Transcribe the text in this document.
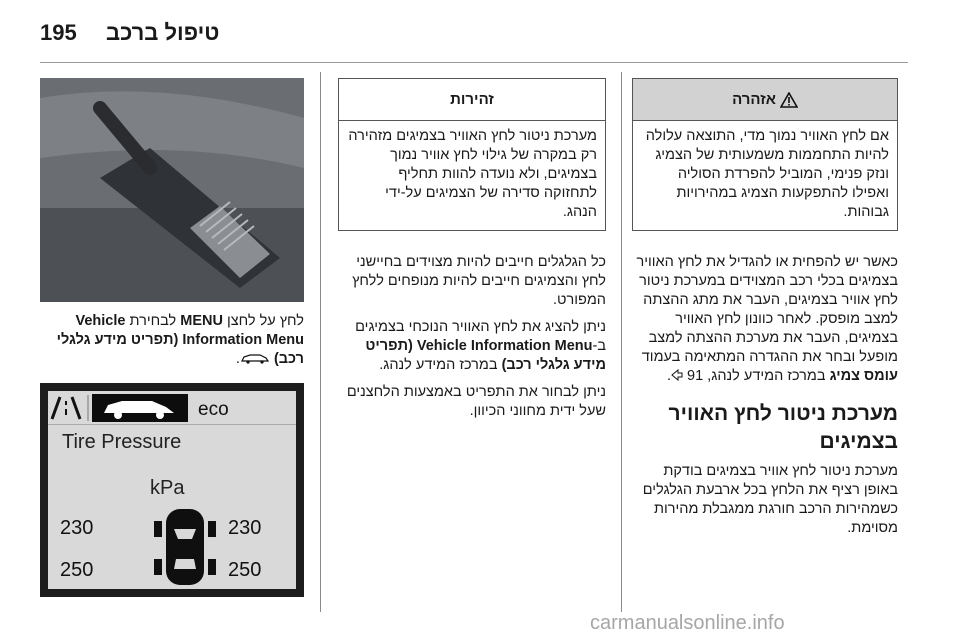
195 טיפול ברכב
אזהרה
אם לחץ האוויר נמוך מדי, התוצאה עלולה להיות התחממות משמעותית של הצמיג ונזק פנימי, המוביל להפרדת הסוליה ואפילו להתפקעות הצמיג במהירויות גבוהות.

כאשר יש להפחית או להגדיל את לחץ האוויר בצמיגים בכלי רכב המצוידים במערכת ניטור לחץ אוויר בצמיגים, העבר את מתג ההצתה למצב מופסק. לאחר כוונון לחץ האוויר בצמיגים, העבר את מערכת ההצתה למצב מופעל ובחר את ההגדרה המתאימה בעמוד עומס צמיג במרכז המידע לנהג, 91 .

מערכת ניטור לחץ האוויר בצמיגים

מערכת ניטור לחץ אוויר בצמיגים בודקת באופן רציף את הלחץ בכל ארבעת הגלגלים כשמהירות הרכב חורגת ממגבלת מהירות מסוימת.

זהירות
מערכת ניטור לחץ האוויר בצמיגים מזהירה רק במקרה של גילוי לחץ אוויר נמוך בצמיגים, ולא נועדה להוות תחליף לתחזוקה סדירה של הצמיגים על-ידי הנהג.

כל הגלגלים חייבים להיות מצוידים בחיישני לחץ והצמיגים חייבים להיות מנופחים ללחץ המפורט.

ניתן להציג את לחץ האוויר הנוכחי בצמיגים ב-Vehicle Information Menu (תפריט מידע גלגלי רכב) במרכז המידע לנהג.

ניתן לבחור את התפריט באמצעות הלחצנים שעל ידית מחווני הכיוון.

לחץ על לחצן MENU לבחירת Vehicle Information Menu (תפריט מידע גלגלי רכב) .

eco
Tire Pressure
kPa
230	230
250	250
carmanualsonline.info
